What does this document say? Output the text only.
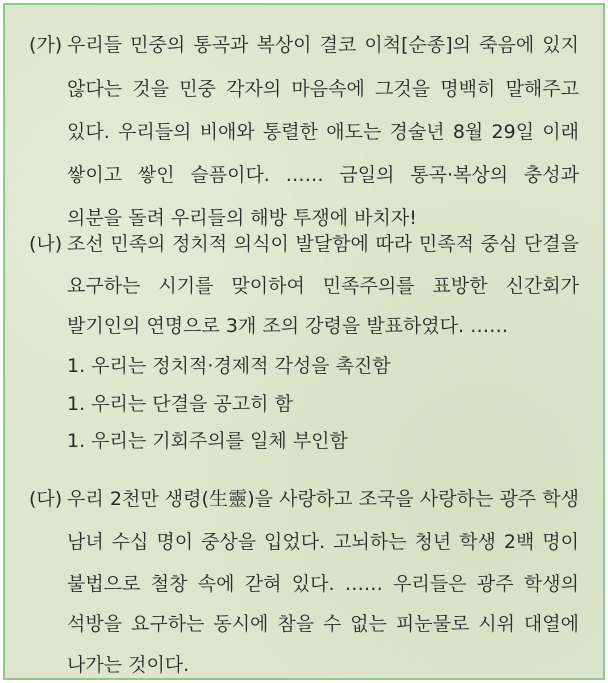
(가) 우리들 민중의 통곡과 복상이 결코 이척[순종]의 죽음에 있지
않다는 것을 민중 각자의 마음속에 그것을 명백히 말해주고
있다. 우리들의 비애와 통렬한 애도는 경술년 8월 29일 이래
쌓이고 쌓인 슬픔이다. …… 금일의 통곡·복상의 충성과
의분을 돌려 우리들의 해방 투쟁에 바치자!
(나) 조선 민족의 정치적 의식이 발달함에 따라 민족적 중심 단결을
요구하는 시기를 맞이하여 민족주의를 표방한 신간회가
발기인의 연명으로 3개 조의 강령을 발표하였다. ……
1. 우리는 정치적·경제적 각성을 촉진함
1. 우리는 단결을 공고히 함
1. 우리는 기회주의를 일체 부인함
(다) 우리 2천만 생령(生靈)을 사랑하고 조국을 사랑하는 광주 학생
남녀 수십 명이 중상을 입었다. 고뇌하는 청년 학생 2백 명이
불법으로 철창 속에 갇혀 있다. …… 우리들은 광주 학생의
석방을 요구하는 동시에 참을 수 없는 피눈물로 시위 대열에
나가는 것이다.
